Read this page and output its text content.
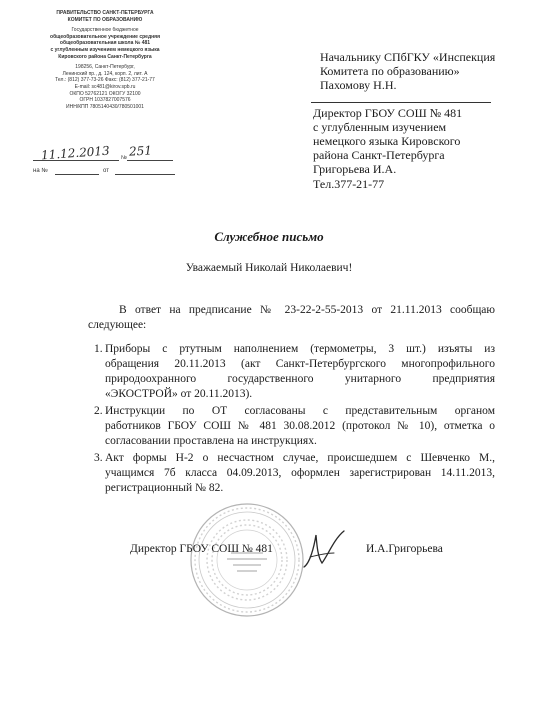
ПРАВИТЕЛЬСТВО САНКТ-ПЕТЕРБУРГА
КОМИТЕТ ПО ОБРАЗОВАНИЮ
Государственное бюджетное
общеобразовательное учреждение средняя
общеобразовательная школа № 481
с углубленным изучением немецкого языка
Кировского района Санкт-Петербурга
198256, Санкт-Петербург,
Ленинский пр., д. 124, корп. 2, лит. А
Тел.: (812) 377-73-26 Факс: (812) 377-21-77
E-mail: sc481@kirov.spb.ru
ОКПО 52762121 ОКОГУ 32100
ОГРН 1037827007576
ИНН/КПП 7805140430/780501001
11.12.2013 № 251
на №	от
Начальнику СПбГКУ «Инспекция
Комитета по образованию»
Пахомову Н.Н.
Директор ГБОУ СОШ № 481
с углубленным изучением
немецкого языка Кировского
района Санкт-Петербурга
Григорьева И.А.
Тел.377-21-77
Служебное письмо
Уважаемый Николай Николаевич!
В ответ на предписание № 23-22-2-55-2013 от 21.11.2013 сообщаю
следующее:
1. Приборы с ртутным наполнением (термометры, 3 шт.) изъяты из
обращения 20.11.2013 (акт Санкт-Петербургского многопрофильного
природоохранного государственного унитарного предприятия
«ЭКОСТРОЙ» от 20.11.2013).
2. Инструкции по ОТ согласованы с представительным органом
работников ГБОУ СОШ № 481 30.08.2012 (протокол № 10), отметка о
согласовании проставлена на инструкциях.
3. Акт формы Н-2 о несчастном случае, происшедшем с Шевченко М.,
учащимся 7б класса 04.09.2013, оформлен зарегистрирован 14.11.2013,
регистрационный № 82.
Директор ГБОУ СОШ № 481	И.А.Григорьева
